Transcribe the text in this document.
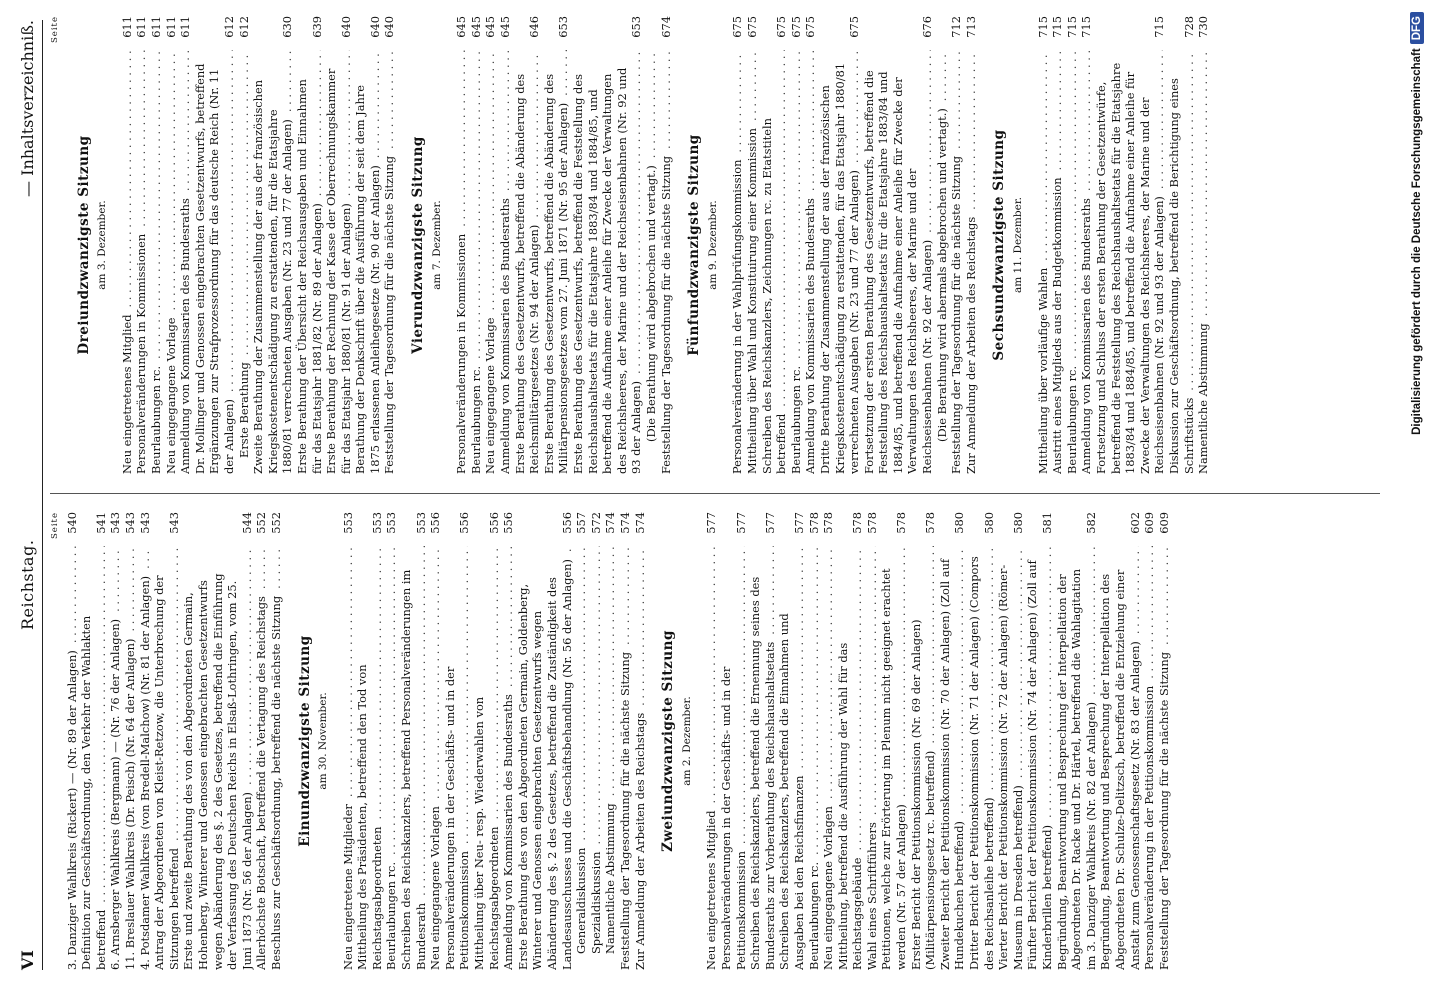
VI
Reichstag.
— Inhaltsverzeichniß.
Seite
3. Danziger Wahlkreis (Rickert) — (Nr. 89 der Anlagen) . . .
540
Definition zur Geschäftsordnung, den Verkehr der Wahlakten betreffend . . .
541
6. Arnsberger Wahlkreis (Bergmann) — (Nr. 76 der Anlagen) . . .
543
11. Breslauer Wahlkreis (Dr. Peisch) (Nr. 64 der Anlagen) . . .
543
4. Potsdamer Wahlkreis (von Bredell-Malchow) (Nr. 81 der Anlagen) . . .
543
Antrag der Abgeordneten von Kleist-Retzow, die Unterbrechung der Sitzungen betreffend . . .
543
Erste und zweite Berathung des von den Abgeordneten Germain, Hohenberg, Winterer und Genossen eingebrachten Gesetzentwurfs wegen Abänderung des §. 2 des Gesetzes, betreffend die Einführung der Verfassung des Deutschen Reichs in Elsaß-Lothringen, vom 25. Juni 1873 (Nr. 56 der Anlagen) . . .
544
Allerhöchste Botschaft, betreffend die Vertagung des Reichstags . . .
552
Beschluss zur Geschäftsordnung, betreffend die nächste Sitzung . . .
552
Einundzwanzigste Sitzung am 30. November.
Neu eingetretene Mitglieder . . .
553
Mittheilung des Präsidenten, betreffend den Tod von Reichstagsabgeordneten . . .
553
Beurlaubungen rc. . . .
553
Schreiben des Reichskanzlers, betreffend Personalveränderungen im Bundesrath . . .
553
Neu eingegangene Vorlagen . . .
556
Personalveränderungen in der Geschäfts- und in der Petitionskommission . . .
556
Mittheilung über Neu- resp. Wiederwahlen von Reichstagsabgeordneten . . .
556
Anmeldung von Kommissarien des Bundesraths . . .
556
Erste Berathung des von den Abgeordneten Germain, Goldenberg, Winterer und Genossen eingebrachten Gesetzentwurfs wegen Abänderung des §. 2 des Gesetzes, betreffend die Zuständigkeit des Landesausschusses und die Geschäftsbehandlung (Nr. 56 der Anlagen) . . .
556
Generaldiskussion . . .
557
Spezialdiskussion . . .
572
Namentliche Abstimmung . . .
574
Feststellung der Tagesordnung für die nächste Sitzung . . .
574
Zur Anmeldung der Arbeiten des Reichstags . . .
574
Zweiundzwanzigste Sitzung am 2. Dezember.
Neu eingetretenes Mitglied . . .
577
Personalveränderungen in der Geschäfts- und in der Petitionskommission . . .
577
Schreiben des Reichskanzlers, betreffend die Ernennung seines des Bundesraths zur Vorberathung des Reichshaushaltsetats . . .
577
Schreiben des Reichskanzlers, betreffend die Einnahmen und Ausgaben bei den Reichsfinanzen . . .
577
Beurlaubungen rc. . . .
578
Neu eingegangene Vorlagen . . .
578
Mittheilung, betreffend die Ausführung der Wahl für das Reichstagsgebäude . . .
578
Wahl eines Schriftführers . . .
578
Petitionen, welche zur Erörterung im Plenum nicht geeignet erachtet werden (Nr. 57 der Anlagen) . . .
578
Erster Bericht der Petitionskommission (Nr. 69 der Anlagen) (Militärpensionsgesetz rc. betreffend) . . .
578
Zweiter Bericht der Petitionskommission (Nr. 70 der Anlagen) (Zoll auf Hundekuchen betreffend) . . .
580
Dritter Bericht der Petitionskommission (Nr. 71 der Anlagen) (Compors des Reichsanleihe betreffend) . . .
580
Vierter Bericht der Petitionskommission (Nr. 72 der Anlagen) (Römer-Museum in Dresden betreffend) . . .
580
Fünfter Bericht der Petitionskommission (Nr. 74 der Anlagen) (Zoll auf Kinderbrillen betreffend) . . .
581
Begründung, Beantwortung und Besprechung der Interpellation der Abgeordneten Dr. Racke und Dr. Härtel, betreffend die Wahlagitation im 3. Danziger Wahlkreis (Nr. 82 der Anlagen) . . .
582
Begründung, Beantwortung und Besprechung der Interpellation des Abgeordneten Dr. Schulze-Delitzsch, betreffend die Entziehung einer Anstalt zum Genossenschaftsgesetz (Nr. 83 der Anlagen) . . .
602
Personalveränderung in der Petitionskommission . . .
609
Feststellung der Tagesordnung für die nächste Sitzung . . .
609
Seite
Dreiundzwanzigste Sitzung am 3. Dezember.
Neu eingetretenes Mitglied . . .
611
Personalveränderungen in Kommissionen . . .
611
Beurlaubungen rc. . . .
611
Neu eingegangene Vorlage . . .
611
Anmeldung von Kommissarien des Bundesraths . . .
611
Dr. Mollinger und Genossen eingebrachten Gesetzentwurfs, betreffend Ergänzungen zur Strafprozessordnung für das deutsche Reich (Nr. 11 der Anlagen) . . .
612
Erste Berathung . . .
612
Zweite Berathung der Zusammenstellung der aus der französischen Kriegskostenentschädigung zu erstattenden, für die Etatsjahre 1880/81 verrechneten Ausgaben (Nr. 23 und 77 der Anlagen) . . .
630
Erste Berathung der Übersicht der Reichsausgaben und Einnahmen für das Etatsjahr 1881/82 (Nr. 89 der Anlagen) . . .
639
Erste Berathung der Rechnung der Kasse der Oberrechnungskammer für das Etatsjahr 1880/81 (Nr. 91 der Anlagen) . . .
640
Berathung der Denkschrift über die Ausführung der seit dem Jahre 1875 erlassenen Anleihegesetze (Nr. 90 der Anlagen) . . .
640
Feststellung der Tagesordnung für die nächste Sitzung . . .
640
Vierundzwanzigste Sitzung am 7. Dezember. Personalveränderungen in Kommissionen . . .
645
Beurlaubungen rc. . . .
645
Neu eingegangene Vorlage . . .
645
Anmeldung von Kommissarien des Bundesraths . . .
645
Erste Berathung des Gesetzentwurfs, betreffend die Abänderung des Reichsmilitärgesetzes (Nr. 94 der Anlagen) . . .
646
Erste Berathung des Gesetzentwurfs, betreffend die Abänderung des Militärpensionsgesetzes vom 27. Juni 1871 (Nr. 95 der Anlagen) . . .
653
Erste Berathung des Gesetzentwurfs, betreffend die Feststellung des Reichshaushaltsetats für die Etatsjahre 1883/84 und 1884/85, und betreffend die Aufnahme einer Anleihe für Zwecke der Verwaltungen des Reichsheeres, der Marine und der Reichseisenbahnen (Nr. 92 und 93 der Anlagen) . . .
653
(Die Berathung wird abgebrochen und vertagt.) . . . Feststellung der Tagesordnung für die nächste Sitzung . . .
674
Fünfundzwanzigste Sitzung am 9. Dezember. Personalveränderung in der Wahlprüfungskommission . . .
675
Mittheilung über Wahl und Konstituirung einer Kommission . . .
675
Schreiben des Reichskanzlers, Zeichnungen rc. zu Etatstiteln betreffend . . .
675
Beurlaubungen rc. . . .
675
Anmeldung von Kommissarien des Bundesraths . . .
675
Dritte Berathung der Zusammenstellung der aus der französischen Kriegskostenentschädigung zu erstattenden, für das Etatsjahr 1880/81 verrechneten Ausgaben (Nr. 23 und 77 der Anlagen) . . .
675
Fortsetzung der ersten Berathung des Gesetzentwurfs, betreffend die Feststellung des Reichshaushaltsetats für die Etatsjahre 1883/84 und 1884/85, und betreffend die Aufnahme einer Anleihe für Zwecke der Verwaltungen des Reichsheeres, der Marine und der Reichseisenbahnen (Nr. 92 der Anlagen) . . .
676
(Die Berathung wird abermals abgebrochen und vertagt.) . . . Feststellung der Tagesordnung für die nächste Sitzung . . .
712
Zur Anmeldung der Arbeiten des Reichstags . . .
713
Sechsundzwanzigste Sitzung am 11. Dezember.
Mittheilung über vorläufige Wahlen . . .
715
Austritt eines Mitglieds aus der Budgetkommission . . .
715
Beurlaubungen rc. . . .
715
Anmeldung von Kommissarien des Bundesraths . . .
715
Fortsetzung und Schluss der ersten Berathung der Gesetzentwürfe, betreffend die Feststellung des Reichshaushaltsetats für die Etatsjahre 1883/84 und 1884/85, und betreffend die Aufnahme einer Anleihe für Zwecke der Verwaltungen des Reichsheeres, der Marine und der Reichseisenbahnen (Nr. 92 und 93 der Anlagen) . . .
715
Diskussion zur Geschäftsordnung, betreffend die Berichtigung eines Schriftstücks . . .
728
Namentliche Abstimmung . . .
730
Digitalisierung gefördert durch die Deutsche ForschungsgemeinschaftDFG
